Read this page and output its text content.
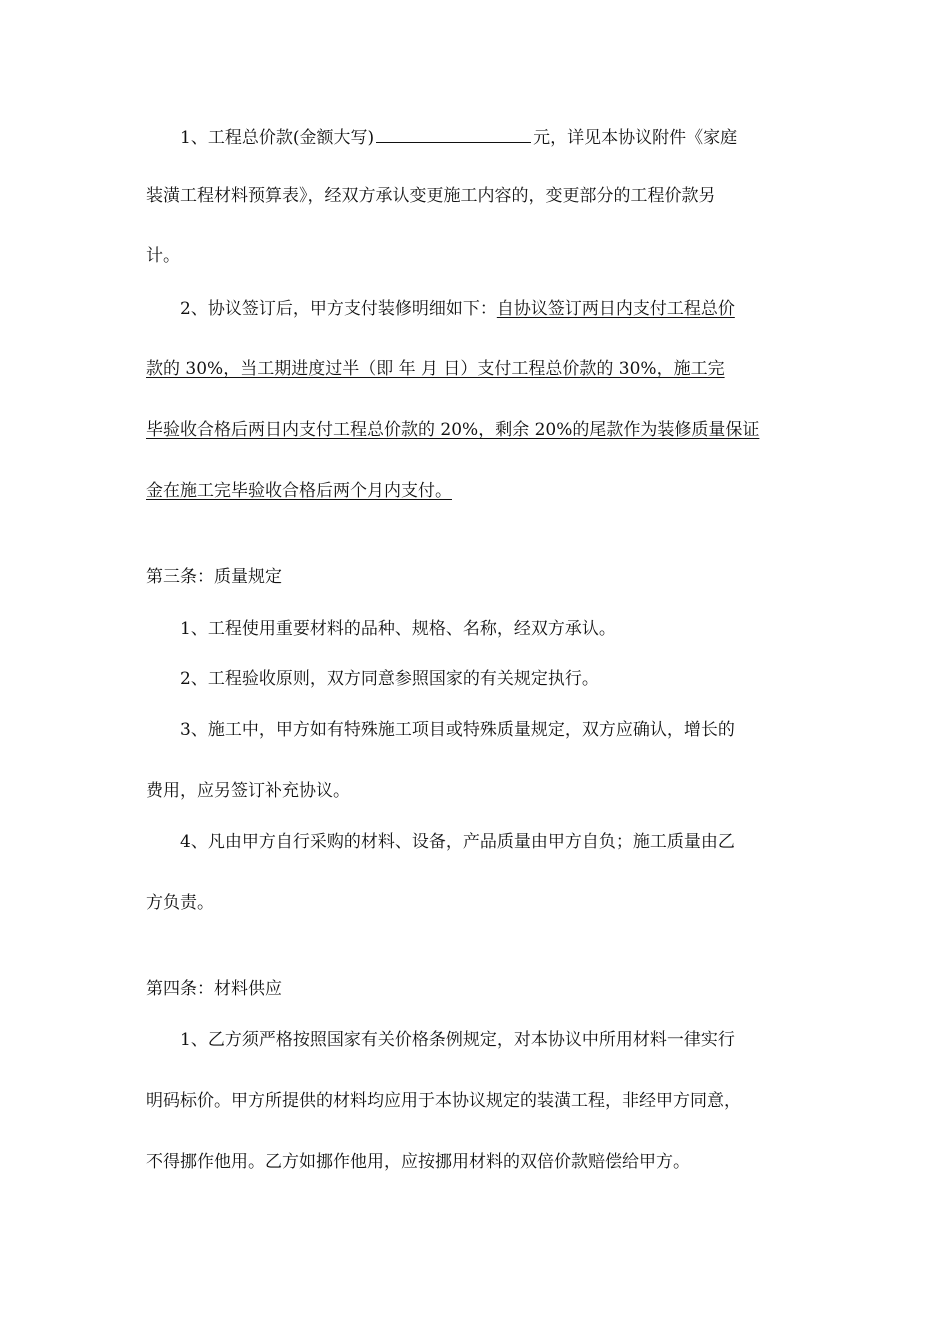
1、工程总价款(金额大写)	元，详见本协议附件《家庭
装潢工程材料预算表》，经双方承认变更施工内容的，变更部分的工程价款另
计。
2、协议签订后，甲方支付装修明细如下：自协议签订两日内支付工程总价
款的 30%，当工期进度过半（即 年 月 日）支付工程总价款的 30%，施工完
毕验收合格后两日内支付工程总价款的 20%，剩余 20%的尾款作为装修质量保证
金在施工完毕验收合格后两个月内支付。
第三条：质量规定
1、工程使用重要材料的品种、规格、名称，经双方承认。
2、工程验收原则，双方同意参照国家的有关规定执行。
3、施工中，甲方如有特殊施工项目或特殊质量规定，双方应确认，增长的
费用，应另签订补充协议。
4、凡由甲方自行采购的材料、设备，产品质量由甲方自负；施工质量由乙
方负责。
第四条：材料供应
1、乙方须严格按照国家有关价格条例规定，对本协议中所用材料一律实行
明码标价。甲方所提供的材料均应用于本协议规定的装潢工程，非经甲方同意，
不得挪作他用。乙方如挪作他用，应按挪用材料的双倍价款赔偿给甲方。
